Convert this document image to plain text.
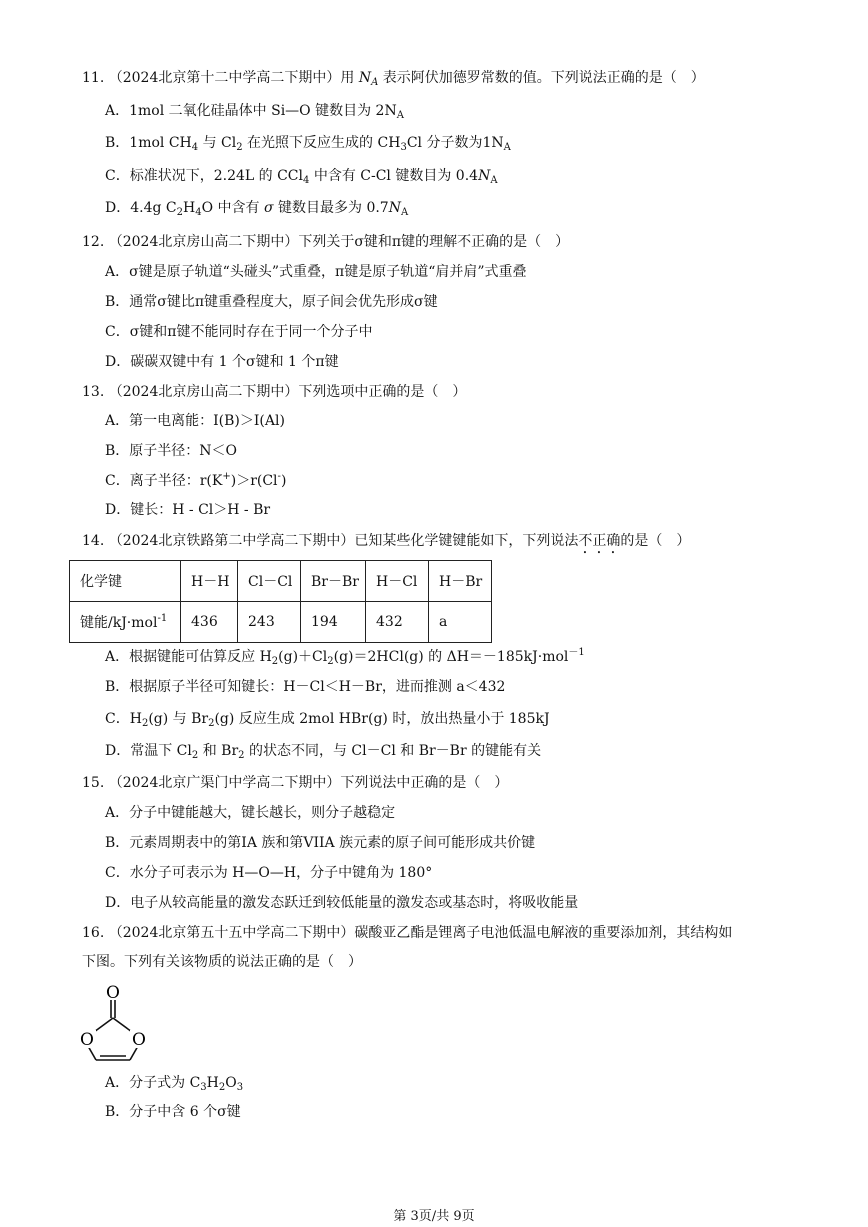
11. （2024北京第十二中学高二下期中）用 $N_A$ 表示阿伏加德罗常数的值。下列说法正确的是（　）
A．1mol 二氧化硅晶体中 Si—O 键数目为 $2N_A$
B．1mol $CH_4$ 与 $Cl_2$ 在光照下反应生成的 $CH_3Cl$ 分子数为$1N_A$
C．标准状况下，2.24L 的 CCl$_4$ 中含有 C-Cl 键数目为 $0.4N_A$
D．4.4g $C_2H_4O$ 中含有 σ 键数目最多为 $0.7N_A$
12. （2024北京房山高二下期中）下列关于σ键和π键的理解不正确的是（　）
A．σ键是原子轨道“头碰头”式重叠，π键是原子轨道“肩并肩”式重叠
B．通常σ键比π键重叠程度大，原子间会优先形成σ键
C．σ键和π键不能同时存在于同一个分子中
D．碳碳双键中有 1 个σ键和 1 个π键
13. （2024北京房山高二下期中）下列选项中正确的是（　）
A．第一电离能：I(B)＞I(Al)
B．原子半径：N＜O
C．离子半径：r(K+)＞r(Cl-)
D．键长：H - Cl＞H - Br
14. （2024北京铁路第二中学高二下期中）已知某些化学键键能如下，下列说法不正确的是（　）
化学键	H－H	Cl－Cl	Br－Br	H－Cl	H－Br
键能/kJ·mol$^{-1}$	436	243	194	432	a
A．根据键能可估算反应 $H_2(g)+Cl_2(g)=2HCl(g)$ 的 ΔH＝－185kJ·mol$^{-1}$
B．根据原子半径可知键长：H－Cl＜H－Br，进而推测 a＜432
C．$H_2(g)$ 与 $Br_2(g)$ 反应生成 2mol HBr(g) 时，放出热量小于 185kJ
D．常温下 $Cl_2$ 和 $Br_2$ 的状态不同，与 Cl－Cl 和 Br－Br 的键能有关
15. （2024北京广渠门中学高二下期中）下列说法中正确的是（　）
A．分子中键能越大，键长越长，则分子越稳定
B．元素周期表中的第IA 族和第VIIA 族元素的原子间可能形成共价键
C．水分子可表示为 H—O—H，分子中键角为 180°
D．电子从较高能量的激发态跃迁到较低能量的激发态或基态时，将吸收能量
16. （2024北京第五十五中学高二下期中）碳酸亚乙酯是锂离子电池低温电解液的重要添加剂，其结构如
下图。下列有关该物质的说法正确的是（　）
O
O O
A．分子式为 $C_3H_2O_3$
B．分子中含 6 个σ键
第 3页/共 9页
